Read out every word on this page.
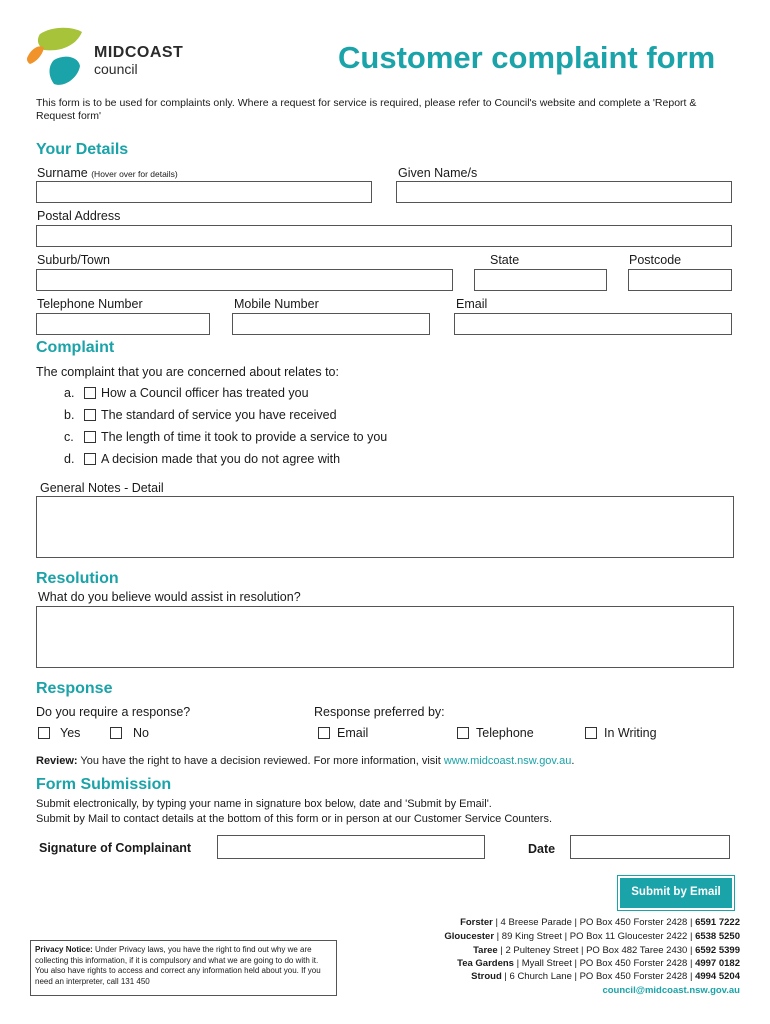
MIDCOAST
council	Customer complaint form
This form is to be used for complaints only. Where a request for service is required, please refer to Council's website and complete a 'Report & Request form'
Your Details
Surname (Hover over for details)	Given Name/s
Postal Address
Suburb/Town	State	Postcode
Telephone Number	Mobile Number	Email
Complaint
The complaint that you are concerned about relates to:
a. How a Council officer has treated you
b. The standard of service you have received
c. The length of time it took to provide a service to you
d. A decision made that you do not agree with
General Notes - Detail
Resolution
What do you believe would assist in resolution?
Response
Do you require a response?	Response preferred by:
Yes	No	Email	Telephone	In Writing
Review: You have the right to have a decision reviewed. For more information, visit www.midcoast.nsw.gov.au.
Form Submission
Submit electronically, by typing your name in signature box below, date and 'Submit by Email'.
Submit by Mail to contact details at the bottom of this form or in person at our Customer Service Counters.
Signature of Complainant	Date
Submit by Email
Privacy Notice: Under Privacy laws, you have the right to find out why we are collecting this information, if it is compulsory and what we are going to do with it. You also have rights to access and correct any information held about you. If you need an interpreter, call 131 450
Forster | 4 Breese Parade | PO Box 450 Forster 2428 | 6591 7222
Gloucester | 89 King Street | PO Box 11 Gloucester 2422 | 6538 5250
Taree | 2 Pulteney Street | PO Box 482 Taree 2430 | 6592 5399
Tea Gardens | Myall Street | PO Box 450 Forster 2428 | 4997 0182
Stroud | 6 Church Lane | PO Box 450 Forster 2428 | 4994 5204
council@midcoast.nsw.gov.au
